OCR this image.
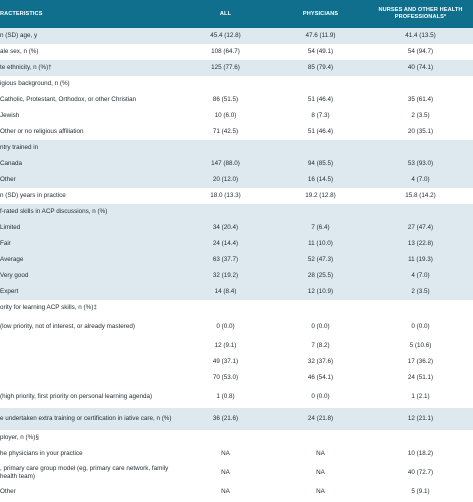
RACTERISTICS	ALL	PHYSICIANS	NURSES AND OTHER HEALTH PROFESSIONALS*
n (SD) age, y	45.4 (12.8)	47.6 (11.9)	41.4 (13.5)
ale sex, n (%)	108 (64.7)	54 (49.1)	54 (94.7)
te ethnicity, n (%)†	125 (77.6)	85 (79.4)	40 (74.1)
igious background, n (%)			
Catholic, Protestant, Orthodox, or other Christian	86 (51.5)	51 (46.4)	35 (61.4)
Jewish	10 (6.0)	8 (7.3)	2 (3.5)
Other or no religious affiliation	71 (42.5)	51 (46.4)	20 (35.1)
ntry trained in			
Canada	147 (88.0)	94 (85.5)	53 (93.0)
Other	20 (12.0)	16 (14.5)	4 (7.0)
n (SD) years in practice	18.0 (13.3)	19.2 (12.8)	15.8 (14.2)
f-rated skills in ACP discussions, n (%)			
Limited	34 (20.4)	7 (6.4)	27 (47.4)
Fair	24 (14.4)	11 (10.0)	13 (22.8)
Average	63 (37.7)	52 (47.3)	11 (19.3)
Very good	32 (19.2)	28 (25.5)	4 (7.0)
Expert	14 (8.4)	12 (10.9)	2 (3.5)
ority for learning ACP skills, n (%)‡			
(low priority, not of interest, or already mastered)	0 (0.0)	0 (0.0)	0 (0.0)
	12 (9.1)	7 (8.2)	5 (10.6)
	49 (37.1)	32 (37.6)	17 (36.2)
	70 (53.0)	46 (54.1)	24 (51.1)
(high priority, first priority on personal learning agenda)	1 (0.8)	0 (0.0)	1 (2.1)
e undertaken extra training or certification in iative care, n (%)	36 (21.6)	24 (21.8)	12 (21.1)
ployer, n (%)§			
he physicians in your practice	NA	NA	10 (18.2)
, primary care group model (eg, primary care network, family health team)	NA	NA	40 (72.7)
Other	NA	NA	5 (9.1)
